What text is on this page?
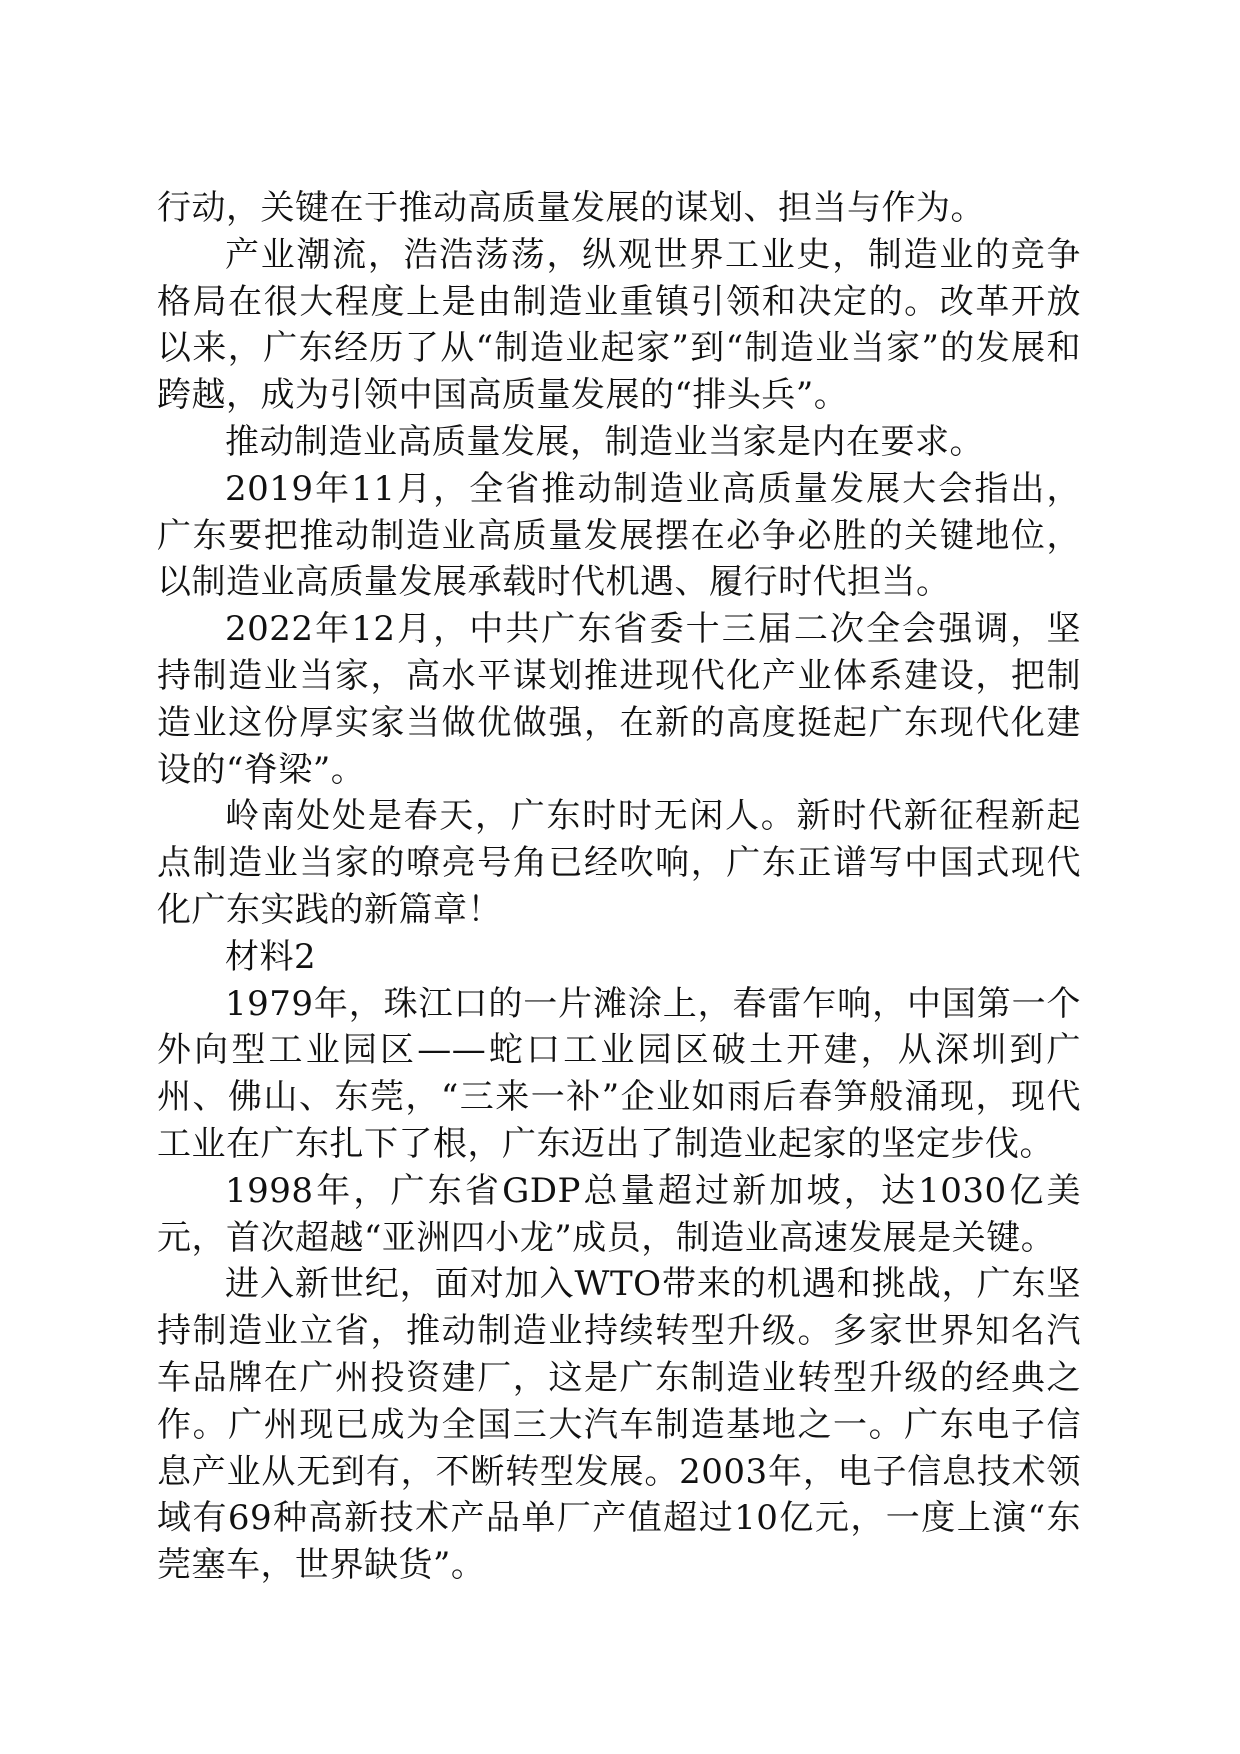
行动，关键在于推动高质量发展的谋划、担当与作为。

产业潮流，浩浩荡荡，纵观世界工业史，制造业的竞争格局在很大程度上是由制造业重镇引领和决定的。改革开放以来，广东经历了从“制造业起家”到“制造业当家”的发展和跨越，成为引领中国高质量发展的“排头兵”。

推动制造业高质量发展，制造业当家是内在要求。

2019年11月，全省推动制造业高质量发展大会指出，广东要把推动制造业高质量发展摆在必争必胜的关键地位，以制造业高质量发展承载时代机遇、履行时代担当。

2022年12月，中共广东省委十三届二次全会强调，坚持制造业当家，高水平谋划推进现代化产业体系建设，把制造业这份厚实家当做优做强，在新的高度挺起广东现代化建设的“脊梁”。

岭南处处是春天，广东时时无闲人。新时代新征程新起点制造业当家的嘹亮号角已经吹响，广东正谱写中国式现代化广东实践的新篇章！

材料2

1979年，珠江口的一片滩涂上，春雷乍响，中国第一个外向型工业园区——蛇口工业园区破土开建，从深圳到广州、佛山、东莞，“三来一补”企业如雨后春笋般涌现，现代工业在广东扎下了根，广东迈出了制造业起家的坚定步伐。

1998年，广东省GDP总量超过新加坡，达1030亿美元，首次超越“亚洲四小龙”成员，制造业高速发展是关键。

进入新世纪，面对加入WTO带来的机遇和挑战，广东坚持制造业立省，推动制造业持续转型升级。多家世界知名汽车品牌在广州投资建厂，这是广东制造业转型升级的经典之作。广州现已成为全国三大汽车制造基地之一。广东电子信息产业从无到有，不断转型发展。2003年，电子信息技术领域有69种高新技术产品单厂产值超过10亿元，一度上演“东莞塞车，世界缺货”。
